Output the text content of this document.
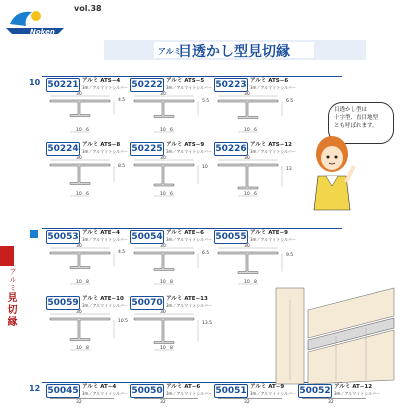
vol.38
Noken
アルミ
目透かし型見切縁
10
12
アルミ
見切縁
目透かし型は
十字型、直目地型
とも呼ばれます。
50221 アルミ ATS−4
3m／アルマイトシルバー
30
10 6
4.5
50222 アルミ ATS−5
3m／アルマイトシルバー
30
10 6
5.5
50223 アルミ ATS−6
3m／アルマイトシルバー
30
10 6
6.5
50224 アルミ ATS−8
3m／アルマイトシルバー
30
10 6
8.5
50225 アルミ ATS−9
3m／アルマイトシルバー
30
10 6
10
50226 アルミ ATS−12
3m／アルマイトシルバー
30
10 6
13
50053 アルミ ATE−4
3m／アルマイトシルバー
30
10 8
4.5
50054 アルミ ATE−6
3m／アルマイトシルバー
30
10 8
6.5
50055 アルミ ATE−9
3m／アルマイトシルバー
30
10 8
9.5
50059 アルミ ATE−10
3m／アルマイトシルバー
30
10 8
10.5
50070 アルミ ATE−13
3m／アルマイトシルバー
30
10 8
13.5
50045 アルミ AT−4
3m／アルマイトシルバー
32
50050 アルミ AT−6
3m／アルマイトシルバー
32
50051 アルミ AT−9
3m／アルマイトシルバー
32
50052 アルミ AT−12
3m／アルマイトシルバー
32
